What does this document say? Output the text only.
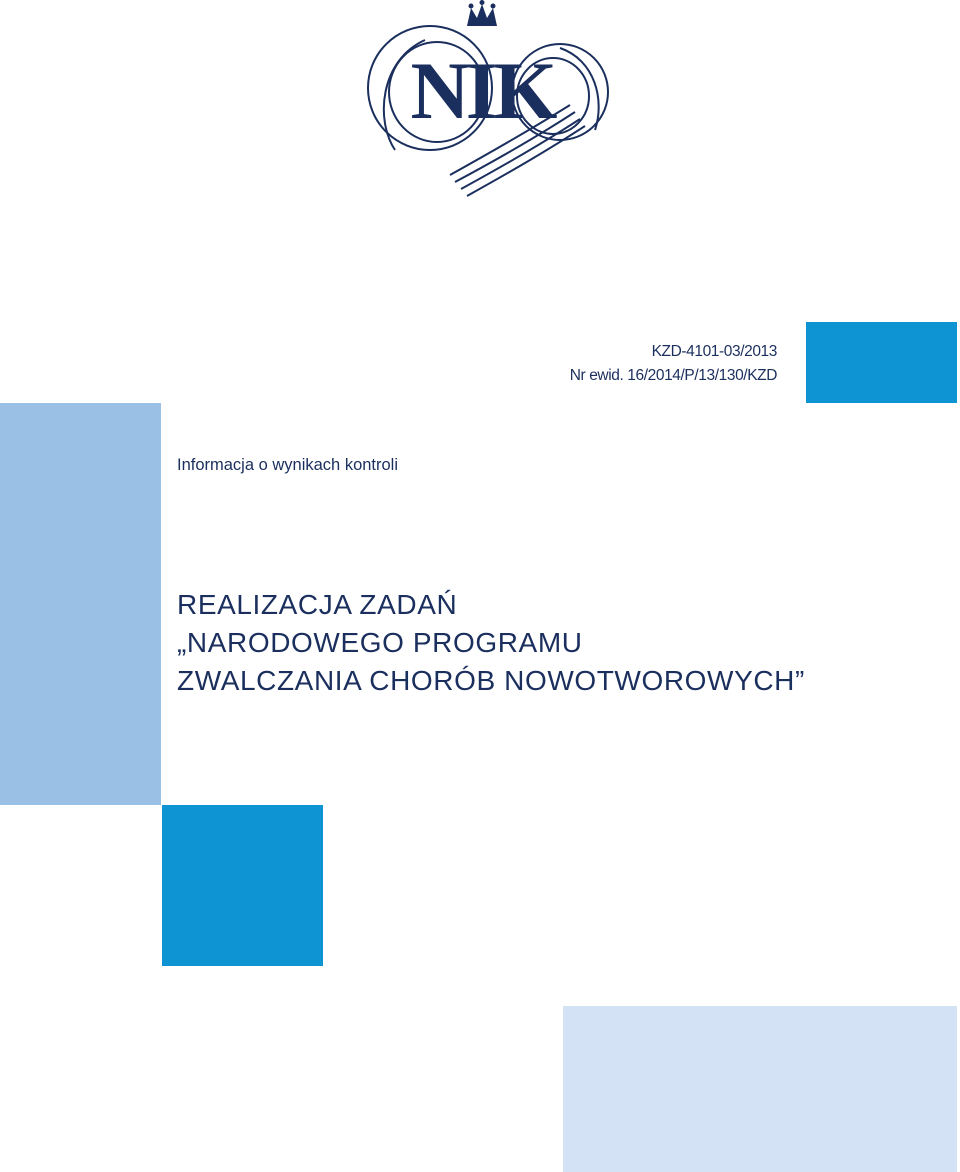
NIK
KZD-4101-03/2013
Nr ewid. 16/2014/P/13/130/KZD
Informacja o wynikach kontroli
REALIZACJA ZADAŃ
„NARODOWEGO PROGRAMU
ZWALCZANIA CHORÓB NOWOTWOROWYCH”
